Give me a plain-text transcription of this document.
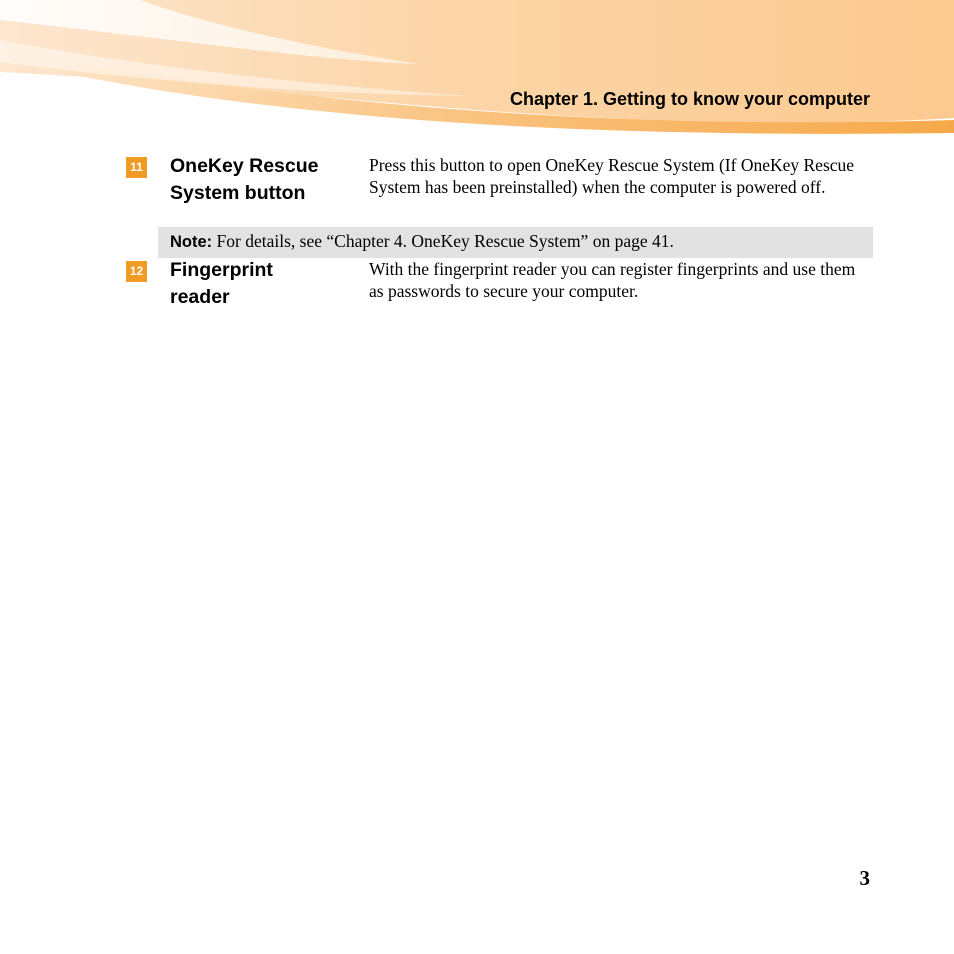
Chapter 1. Getting to know your computer
11 OneKey Rescue
System button
Press this button to open OneKey Rescue System (If OneKey Rescue System has been preinstalled) when the computer is powered off.
Note: For details, see “Chapter 4. OneKey Rescue System” on page 41.
12 Fingerprint
reader
With the fingerprint reader you can register fingerprints and use them as passwords to secure your computer.
3
